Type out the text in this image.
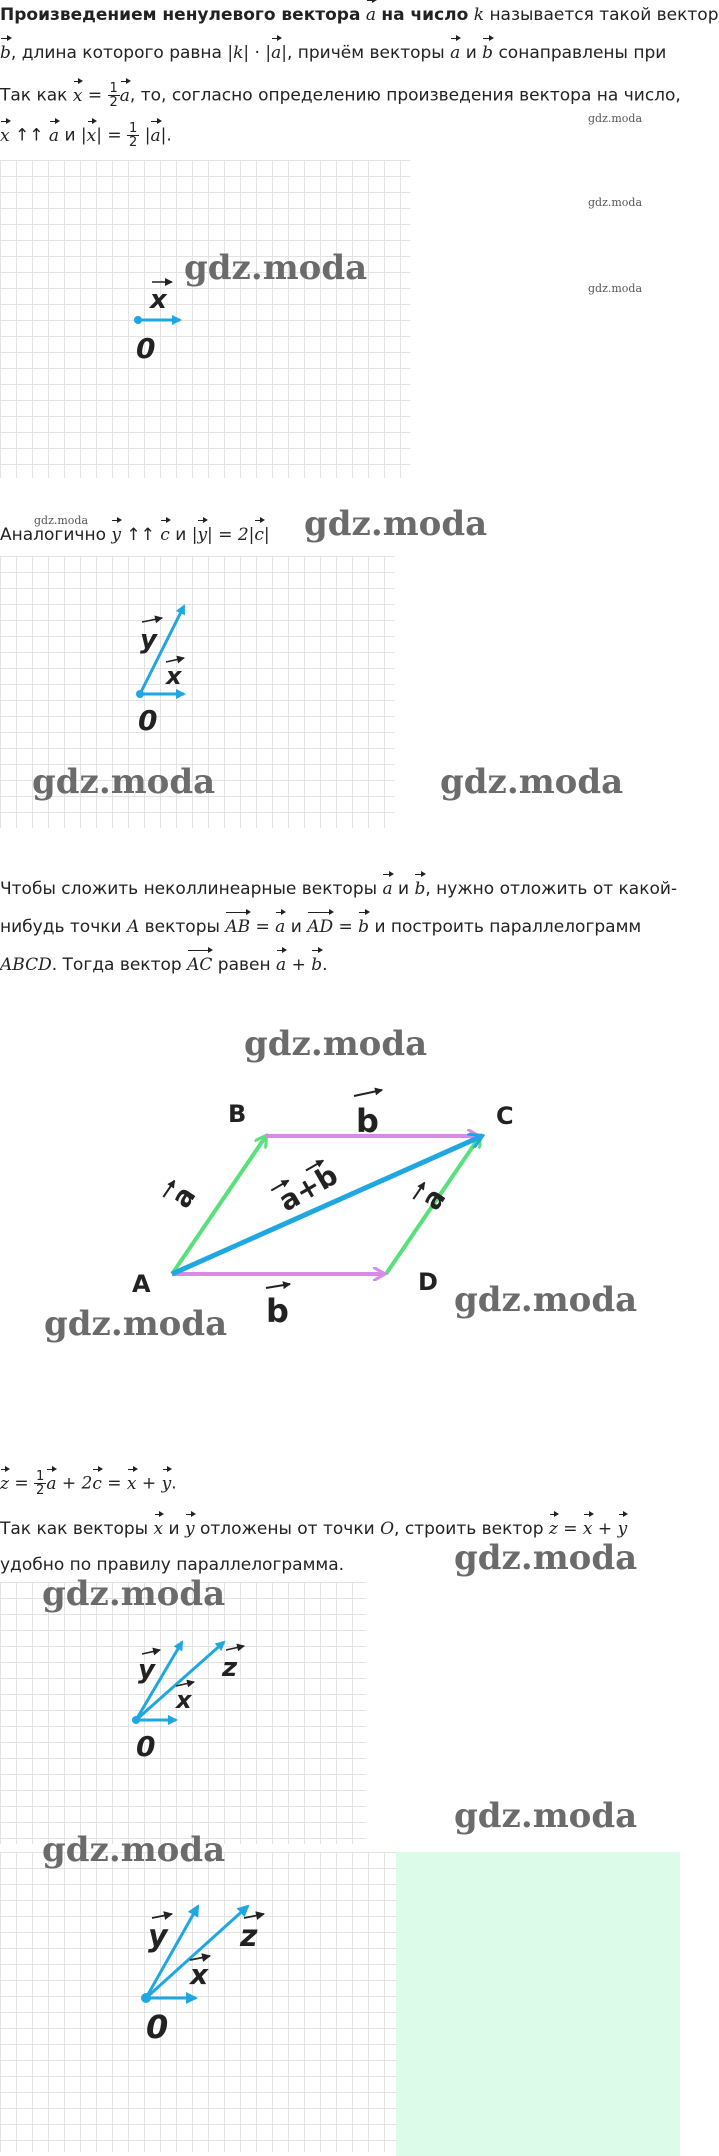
Произведением ненулевого вектора a на число k называется такой вектор
b, длина которого равна |k| · |a|, причём векторы a и b сонаправлены при
Так как $x = \frac{1}{2} a$, то, согласно определению произведения вектора на число,
x ↑↑ a и $|x| = \frac{1}{2} |a|$.
gdz.moda
gdz.moda
gdz.moda
gdz.moda
x
0
gdz.moda
Аналогично y ↑↑ c и |y| = 2|c| gdz.moda
gdz.moda	gdz.moda
y
x
0
Чтобы сложить неколлинеарные векторы a и b, нужно отложить от какой-
нибудь точки A векторы AB = a и AD = b и построить параллелограмм
ABCD. Тогда вектор AC равен a + b.
gdz.moda
gdz.moda
gdz.moda
A
B	C
D
b
b
a	a
a+b
$z = \frac{1}{2}$ a + 2c = x + y.
Так как векторы x и y отложены от точки O, строить вектор z = x + y
удобно по правилу параллелограмма.	gdz.moda
gdz.moda
y	z
x
0
gdz.moda
gdz.moda
y z
x
0
